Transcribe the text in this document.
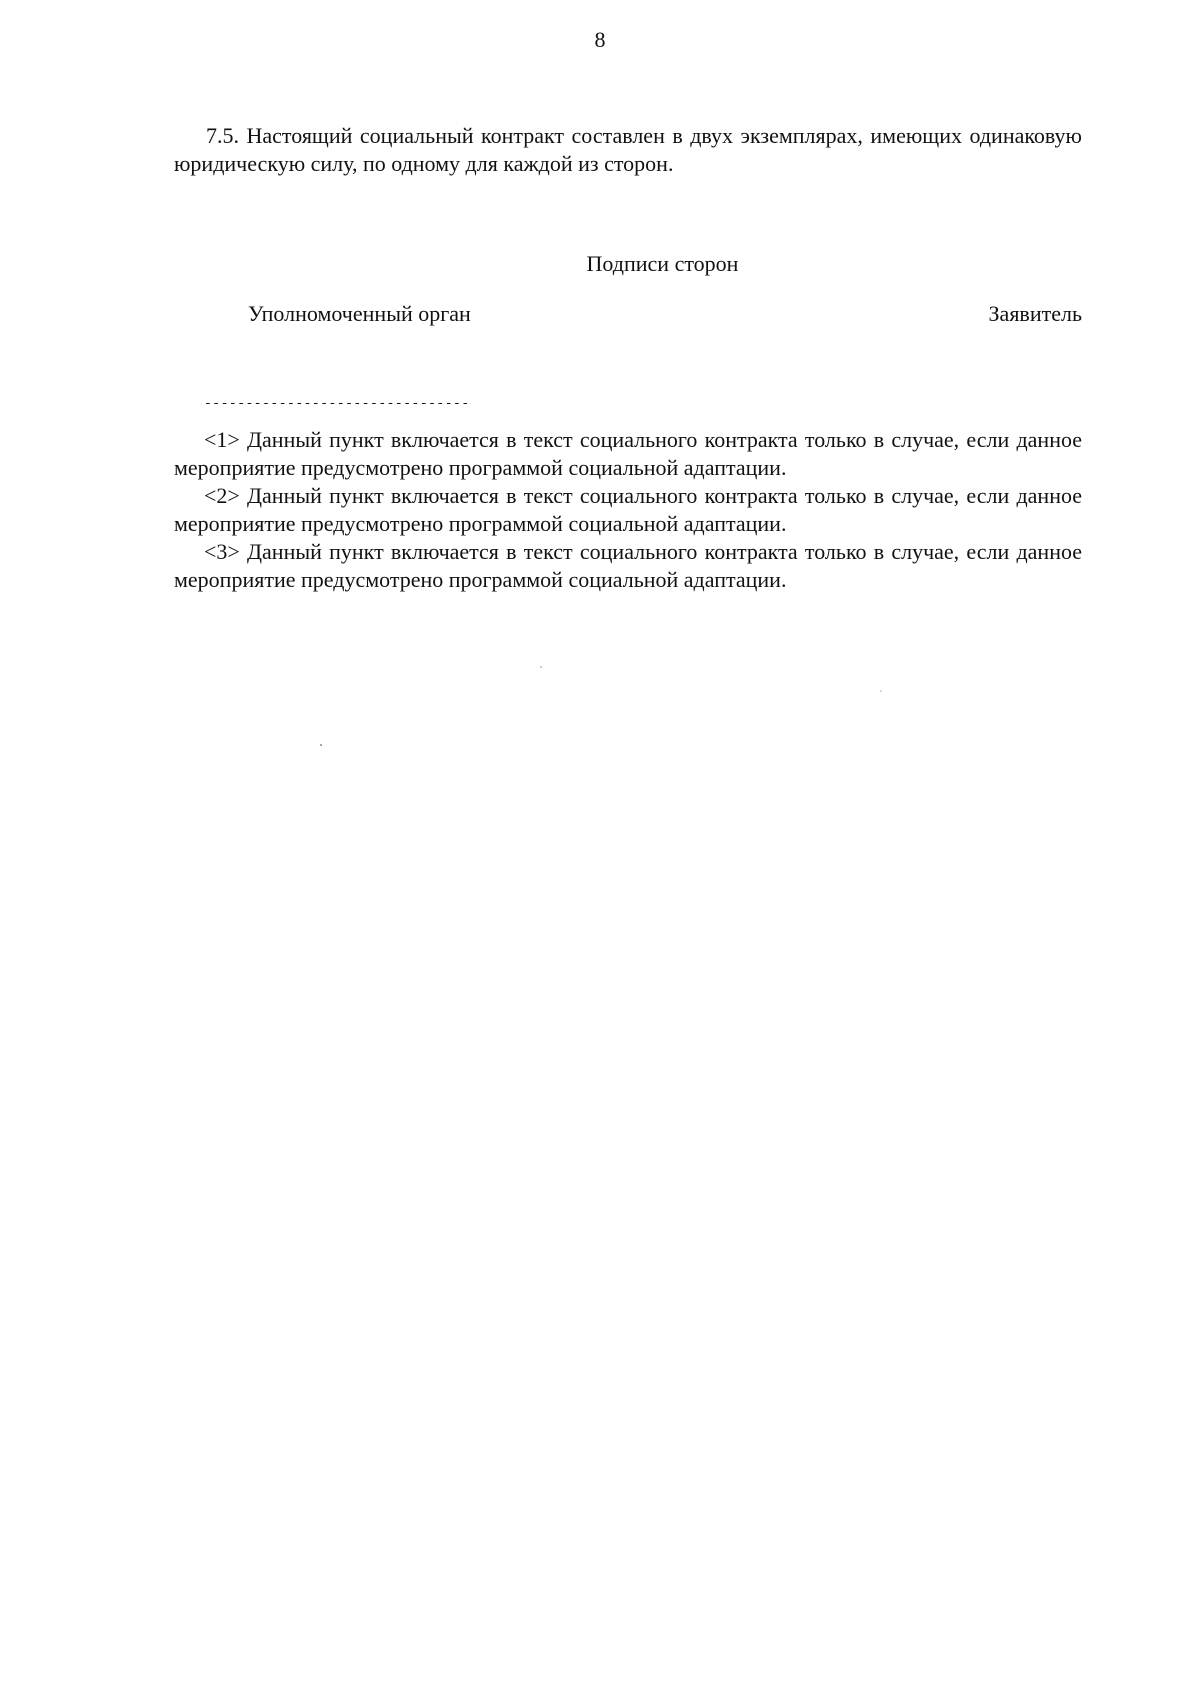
8

7.5. Настоящий социальный контракт составлен в двух экземплярах, имеющих одинаковую юридическую силу, по одному для каждой из сторон.

Подписи сторон
Уполномоченный орган	Заявитель
--------------------------------

<1> Данный пункт включается в текст социального контракта только в случае, если данное мероприятие предусмотрено программой социальной адаптации.

<2> Данный пункт включается в текст социального контракта только в случае, если данное мероприятие предусмотрено программой социальной адаптации.

<3> Данный пункт включается в текст социального контракта только в случае, если данное мероприятие предусмотрено программой социальной адаптации.
